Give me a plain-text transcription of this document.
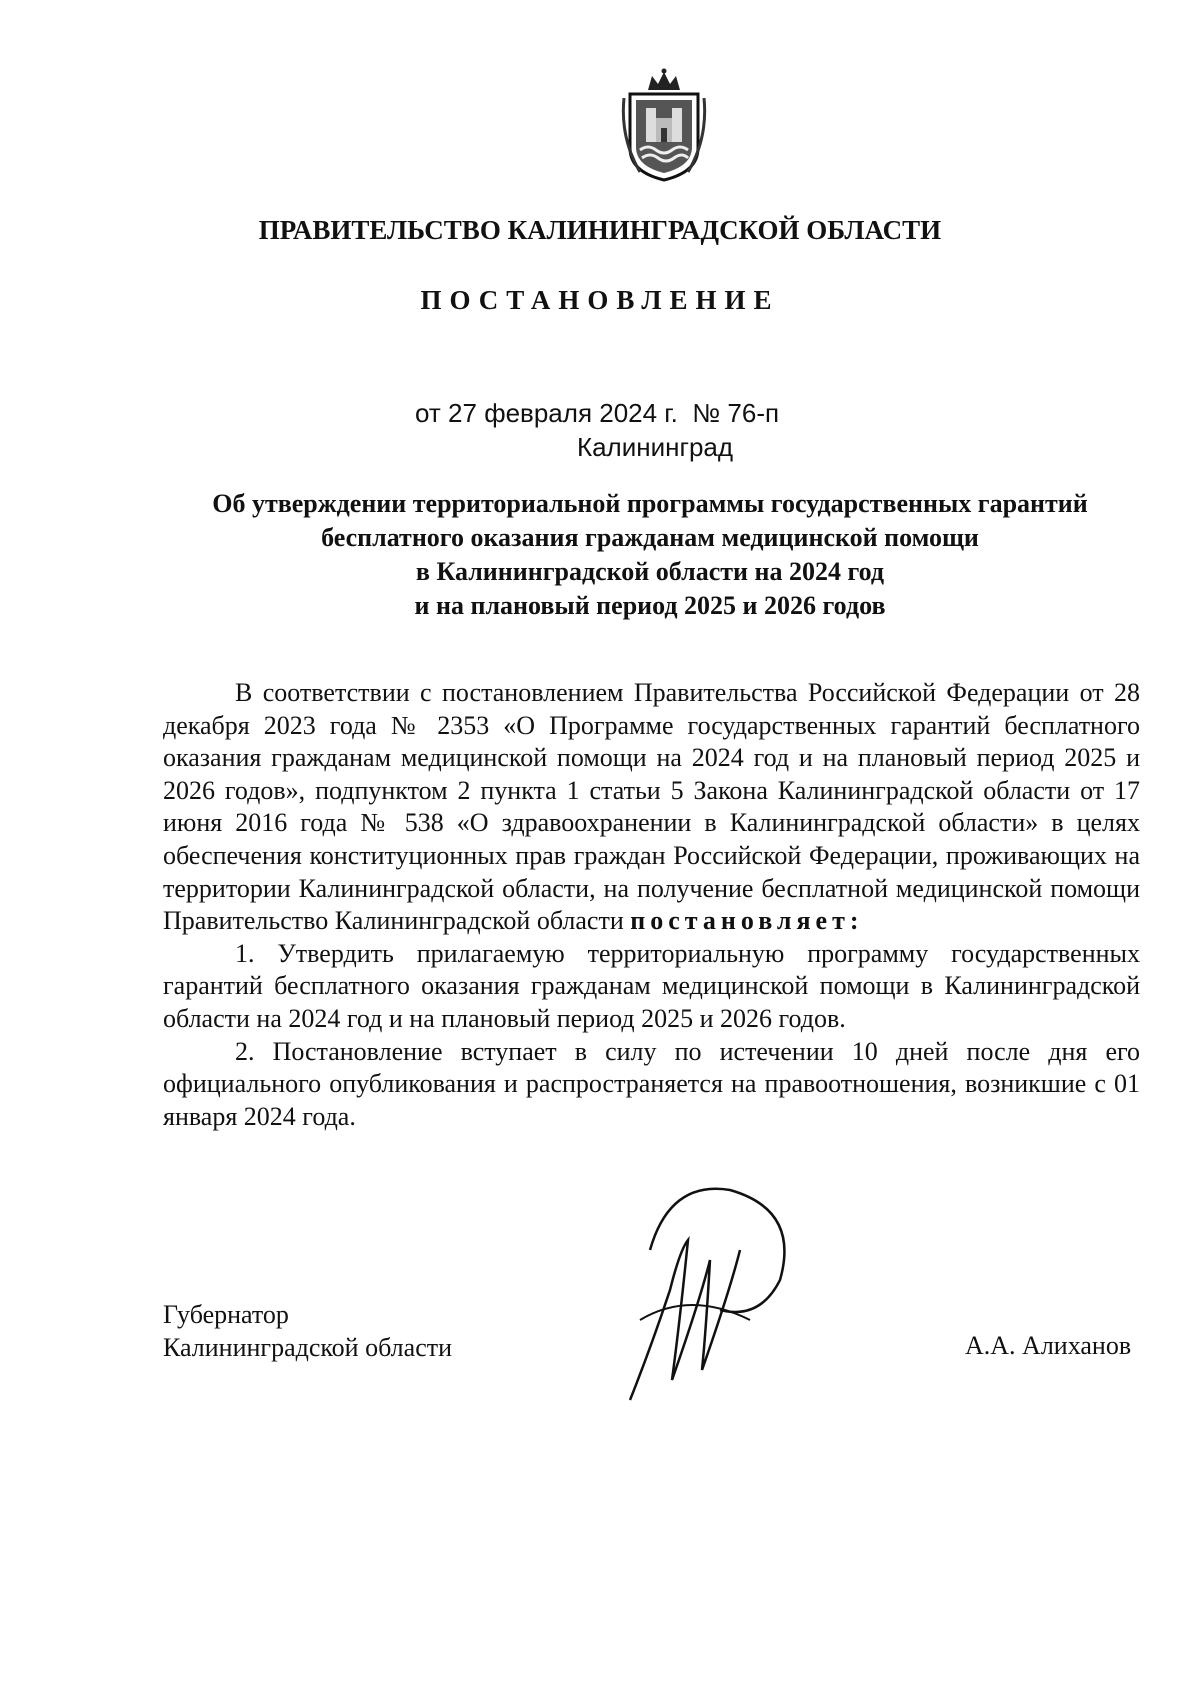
ПРАВИТЕЛЬСТВО КАЛИНИНГРАДСКОЙ ОБЛАСТИ
ПОСТАНОВЛЕНИЕ
от 27 февраля 2024 г. № 76-п
Калининград
Об утверждении территориальной программы государственных гарантий
бесплатного оказания гражданам медицинской помощи
в Калининградской области на 2024 год
и на плановый период 2025 и 2026 годов

В соответствии с постановлением Правительства Российской Федерации от 28 декабря 2023 года № 2353 «О Программе государственных гарантий бесплатного оказания гражданам медицинской помощи на 2024 год и на плановый период 2025 и 2026 годов», подпунктом 2 пункта 1 статьи 5 Закона Калининградской области от 17 июня 2016 года № 538 «О здравоохранении в Калининградской области» в целях обеспечения конституционных прав граждан Российской Федерации, проживающих на территории Калининградской области, на получение бесплатной медицинской помощи Правительство Калининградской области постановляет:

1. Утвердить прилагаемую территориальную программу государственных гарантий бесплатного оказания гражданам медицинской помощи в Калининградской области на 2024 год и на плановый период 2025 и 2026 годов.

2. Постановление вступает в силу по истечении 10 дней после дня его официального опубликования и распространяется на правоотношения, возникшие с 01 января 2024 года.

Губернатор
Калининградской области	А.А. Алиханов
